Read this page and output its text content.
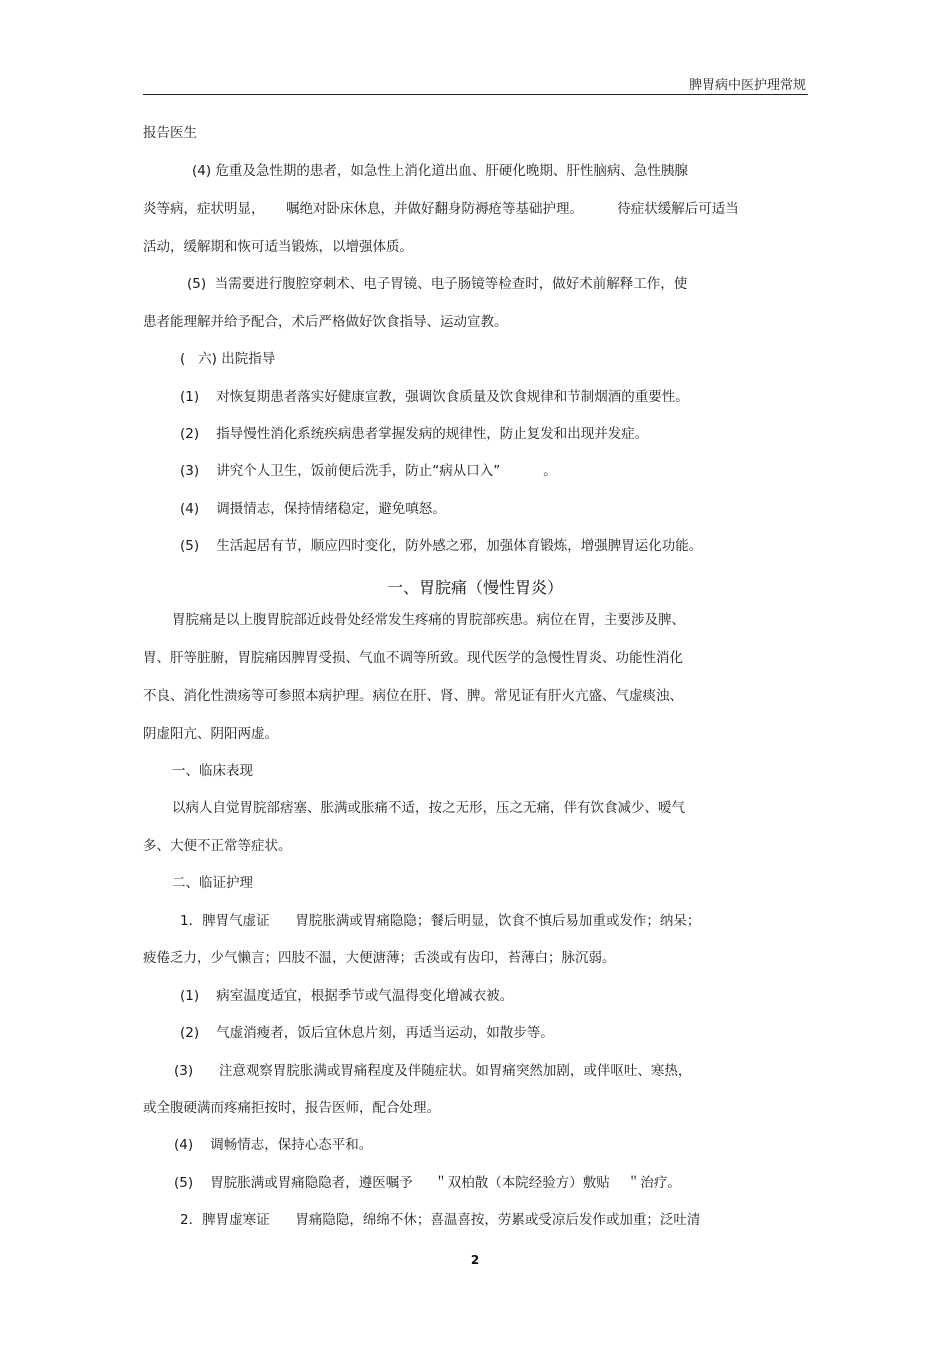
脾胃病中医护理常规
报告医生
(4) 危重及急性期的患者，如急性上消化道出血、肝硬化晚期、肝性脑病、急性胰腺
炎等病，症状明显，     嘱绝对卧床休息，并做好翻身防褥疮等基础护理。        待症状缓解后可适当
活动，缓解期和恢可适当锻炼，以增强体质。
(5)  当需要进行腹腔穿刺术、电子胃镜、电子肠镜等检查时，做好术前解释工作，使
患者能理解并给予配合，术后严格做好饮食指导、运动宣教。
(   六) 出院指导
(1)    对恢复期患者落实好健康宣教，强调饮食质量及饮食规律和节制烟酒的重要性。
(2)    指导慢性消化系统疾病患者掌握发病的规律性，防止复发和出现并发症。
(3)    讲究个人卫生，饭前便后洗手，防止“病从口入”          。
(4)    调摄情志，保持情绪稳定，避免嗔怒。
(5)    生活起居有节，顺应四时变化，防外感之邪，加强体育锻炼，增强脾胃运化功能。
一、胃脘痛（慢性胃炎）
胃脘痛是以上腹胃脘部近歧骨处经常发生疼痛的胃脘部疾患。病位在胃，主要涉及脾、
胃、肝等脏腑，胃脘痛因脾胃受损、气血不调等所致。现代医学的急慢性胃炎、功能性消化
不良、消化性溃疡等可参照本病护理。病位在肝、肾、脾。常见证有肝火亢盛、气虚痰浊、
阴虚阳亢、阴阳两虚。
一、临床表现
以病人自觉胃脘部痞塞、胀满或胀痛不适，按之无形，压之无痛，伴有饮食减少、嗳气
多、大便不正常等症状。
二、临证护理
1．脾胃气虚证      胃脘胀满或胃痛隐隐；餐后明显，饮食不慎后易加重或发作；纳呆；
疲倦乏力，少气懒言；四肢不温，大便溏薄；舌淡或有齿印，苔薄白；脉沉弱。
(1)    病室温度适宜，根据季节或气温得变化增减衣被。
(2)    气虚消瘦者，饭后宜休息片刻，再适当运动，如散步等。
(3)      注意观察胃脘胀满或胃痛程度及伴随症状。如胃痛突然加剧，或伴呕吐、寒热，
或全腹硬满而疼痛拒按时，报告医师，配合处理。
(4)    调畅情志，保持心态平和。
(5)    胃脘胀满或胃痛隐隐者，遵医嘱予     ＂双柏散（本院经验方）敷贴    ＂治疗。
2．脾胃虚寒证      胃痛隐隐，绵绵不休；喜温喜按，劳累或受凉后发作或加重；泛吐清
2
